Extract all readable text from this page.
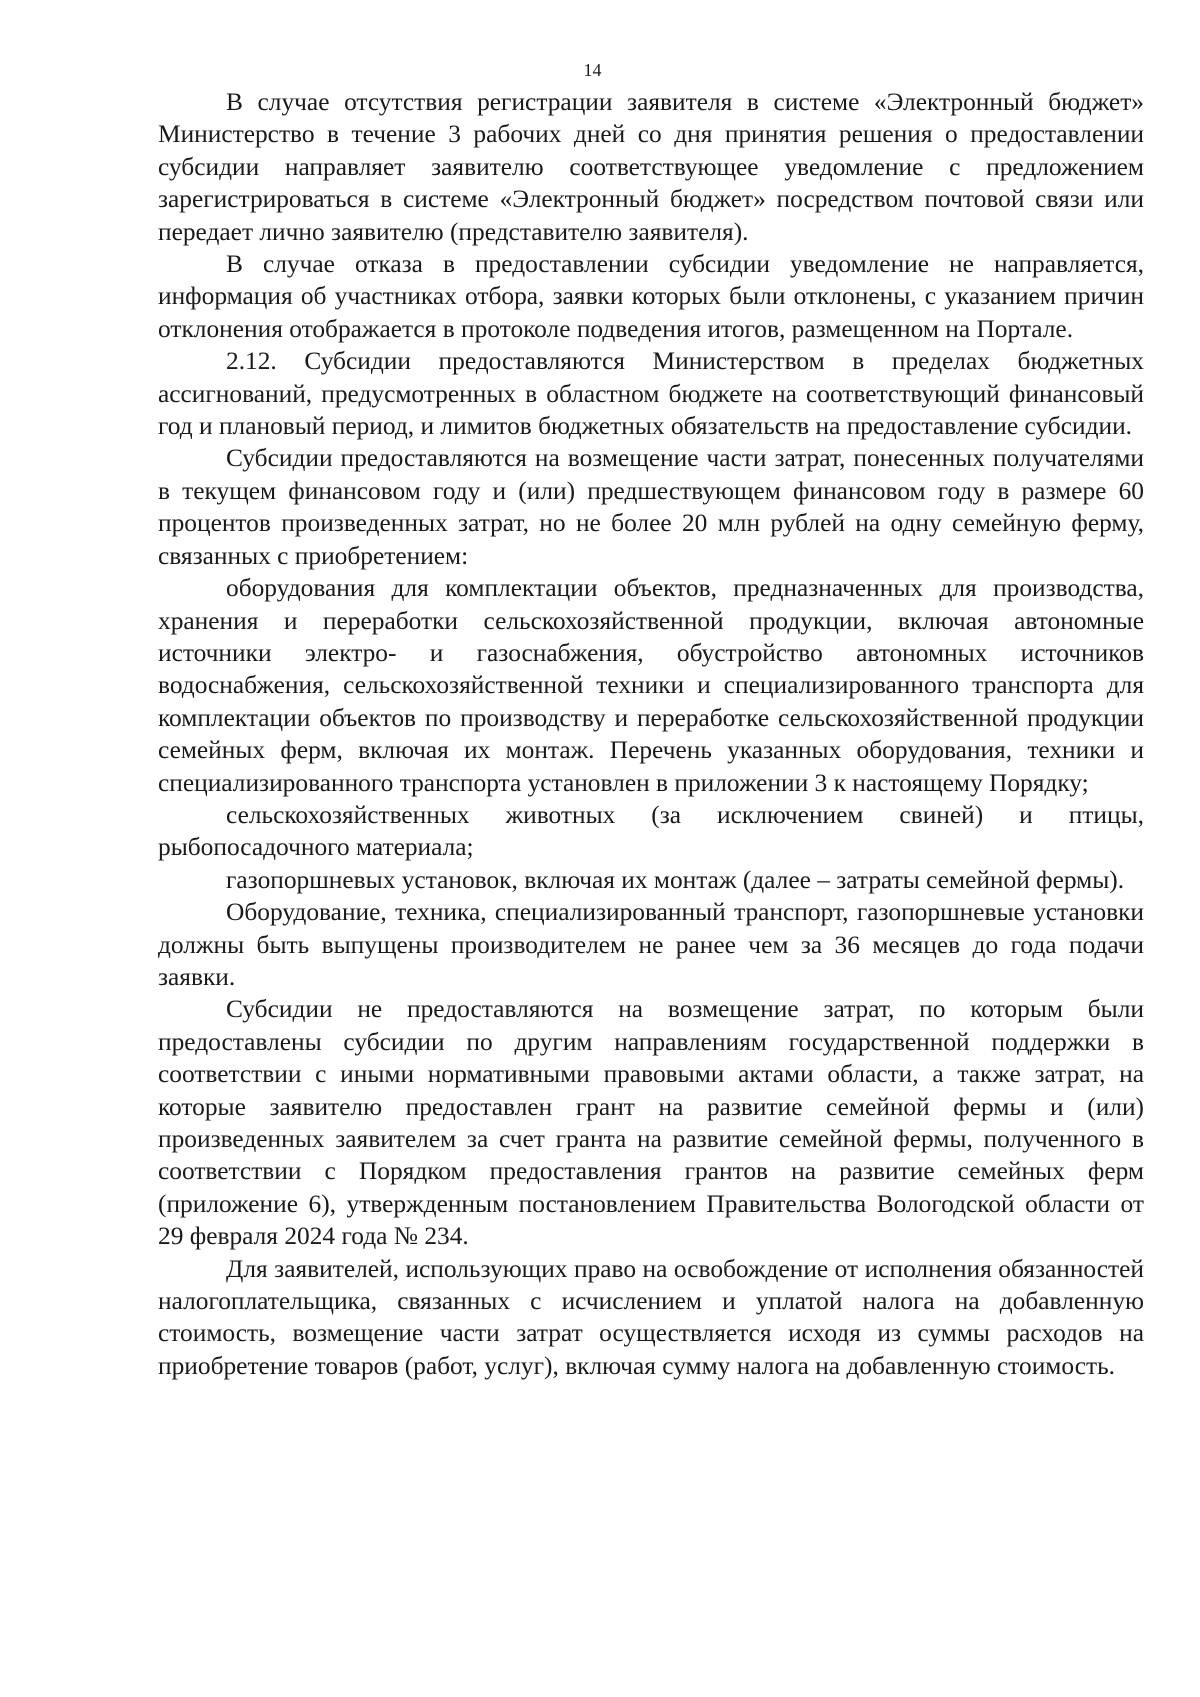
14

В случае отсутствия регистрации заявителя в системе «Электронный бюджет» Министерство в течение 3 рабочих дней со дня принятия решения о предоставлении субсидии направляет заявителю соответствующее уведомление с предложением зарегистрироваться в системе «Электронный бюджет» посредством почтовой связи или передает лично заявителю (представителю заявителя).

В случае отказа в предоставлении субсидии уведомление не направляется, информация об участниках отбора, заявки которых были отклонены, с указанием причин отклонения отображается в протоколе подведения итогов, размещенном на Портале.

2.12. Субсидии предоставляются Министерством в пределах бюджетных ассигнований, предусмотренных в областном бюджете на соответствующий финансовый год и плановый период, и лимитов бюджетных обязательств на предоставление субсидии.

Субсидии предоставляются на возмещение части затрат, понесенных получателями в текущем финансовом году и (или) предшествующем финансовом году в размере 60 процентов произведенных затрат, но не более 20 млн рублей на одну семейную ферму, связанных с приобретением:

оборудования для комплектации объектов, предназначенных для производства, хранения и переработки сельскохозяйственной продукции, включая автономные источники электро- и газоснабжения, обустройство автономных источников водоснабжения, сельскохозяйственной техники и специализированного транспорта для комплектации объектов по производству и переработке сельскохозяйственной продукции семейных ферм, включая их монтаж. Перечень указанных оборудования, техники и специализированного транспорта установлен в приложении 3 к настоящему Порядку;

сельскохозяйственных животных (за исключением свиней) и птицы, рыбопосадочного материала;

газопоршневых установок, включая их монтаж (далее – затраты семейной фермы).

Оборудование, техника, специализированный транспорт, газопоршневые установки должны быть выпущены производителем не ранее чем за 36 месяцев до года подачи заявки.

Субсидии не предоставляются на возмещение затрат, по которым были предоставлены субсидии по другим направлениям государственной поддержки в соответствии с иными нормативными правовыми актами области, а также затрат, на которые заявителю предоставлен грант на развитие семейной фермы и (или) произведенных заявителем за счет гранта на развитие семейной фермы, полученного в соответствии с Порядком предоставления грантов на развитие семейных ферм (приложение 6), утвержденным постановлением Правительства Вологодской области от 29 февраля 2024 года № 234.

Для заявителей, использующих право на освобождение от исполнения обязанностей налогоплательщика, связанных с исчислением и уплатой налога на добавленную стоимость, возмещение части затрат осуществляется исходя из суммы расходов на приобретение товаров (работ, услуг), включая сумму налога на добавленную стоимость.
